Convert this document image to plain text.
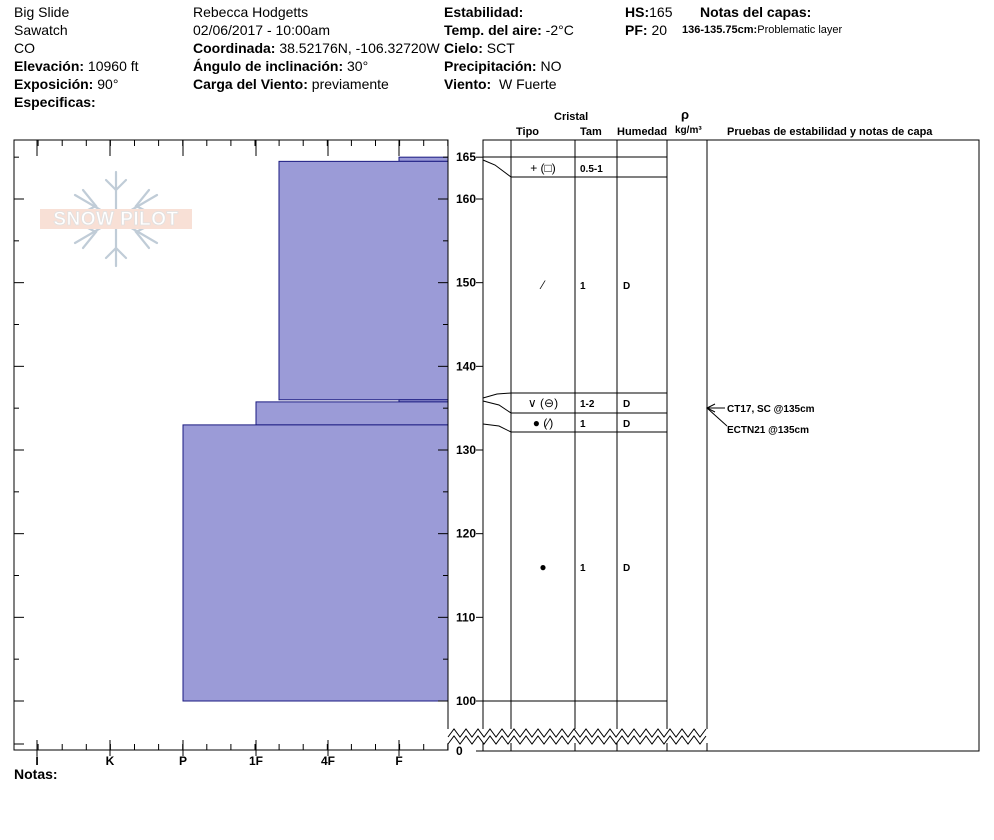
Big Slide
Sawatch
CO
Elevación: 10960 ft
Exposición: 90°
Especificas:
Rebecca Hodgetts
02/06/2017 - 10:00am
Coordinada: 38.52176N, -106.32720W
Ángulo de inclinación: 30°
Carga del Viento: previamente
Estabilidad:
Temp. del aire: -2°C
Cielo: SCT
Precipitación: NO
Viento: W Fuerte
HS:165
PF: 20
Notas del capas:
136-135.75cm:Problematic layer
Cristal
Tipo	Tam Humedad
ρ
kg/m³ Pruebas de estabilidad y notas de capa
I	K	P	1F	4F	F
SNOW PILOT
0
100
110
120
130
140
150
160
165
+ (□) 0.5-1
⁄	1	D
∨ (⊖) 1-2	D
● (⁄)	1	D
●	1	D
CT17, SC @135cm
ECTN21 @135cm
Notas:
